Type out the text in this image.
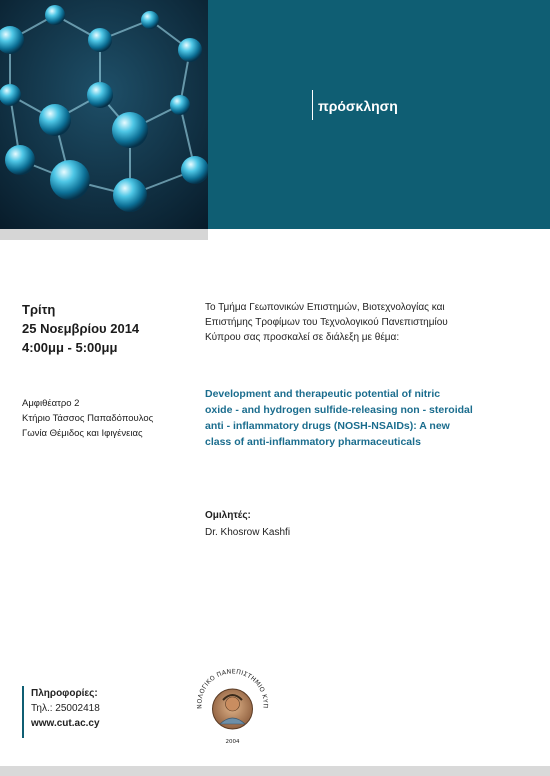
πρόσκληση
Τρίτη
25 Νοεμβρίου 2014
4:00μμ - 5:00μμ
Αμφιθέατρο 2
Κτήριο Τάσσος Παπαδόπουλος
Γωνία Θέμιδος και Ιφιγένειας
Το Τμήμα Γεωπονικών Επιστημών, Βιοτεχνολογίας και
Επιστήμης Τροφίμων του Τεχνολογικού Πανεπιστημίου
Κύπρου σας προσκαλεί σε διάλεξη με θέμα:
Development and therapeutic potential of nitric
oxide - and hydrogen sulfide-releasing non - steroidal
anti - inflammatory drugs (NOSH-NSAIDs): A new
class of anti-inflammatory pharmaceuticals
Ομιλητές:
Dr. Khosrow Kashfi
Πληροφορίες:
Τηλ.: 25002418
www.cut.ac.cy
ΝΟΛΟΓΙΚΟ ΠΑΝΕΠΙΣΤΗΜΙΟ ΚΥΠ
2004
